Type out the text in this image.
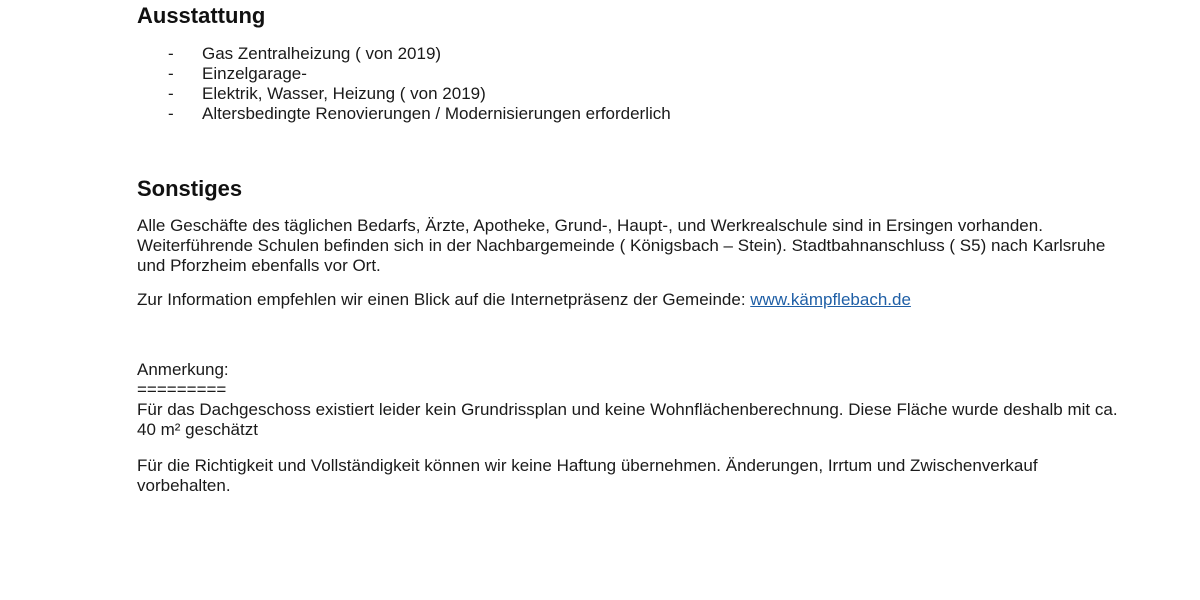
Ausstattung
- Gas Zentralheizung ( von 2019)
- Einzelgarage-
- Elektrik, Wasser, Heizung ( von 2019)
- Altersbedingte Renovierungen / Modernisierungen erforderlich
Sonstiges
Alle Geschäfte des täglichen Bedarfs, Ärzte, Apotheke, Grund-, Haupt-, und Werkrealschule sind in Ersingen vorhanden.
Weiterführende Schulen befinden sich in der Nachbargemeinde ( Königsbach – Stein). Stadtbahnanschluss ( S5) nach Karlsruhe
und Pforzheim ebenfalls vor Ort.
Zur Information empfehlen wir einen Blick auf die Internetpräsenz der Gemeinde: www.kämpflebach.de
Anmerkung:
=========
Für das Dachgeschoss existiert leider kein Grundrissplan und keine Wohnflächenberechnung. Diese Fläche wurde deshalb mit ca.
40 m² geschätzt
Für die Richtigkeit und Vollständigkeit können wir keine Haftung übernehmen. Änderungen, Irrtum und Zwischenverkauf
vorbehalten.
